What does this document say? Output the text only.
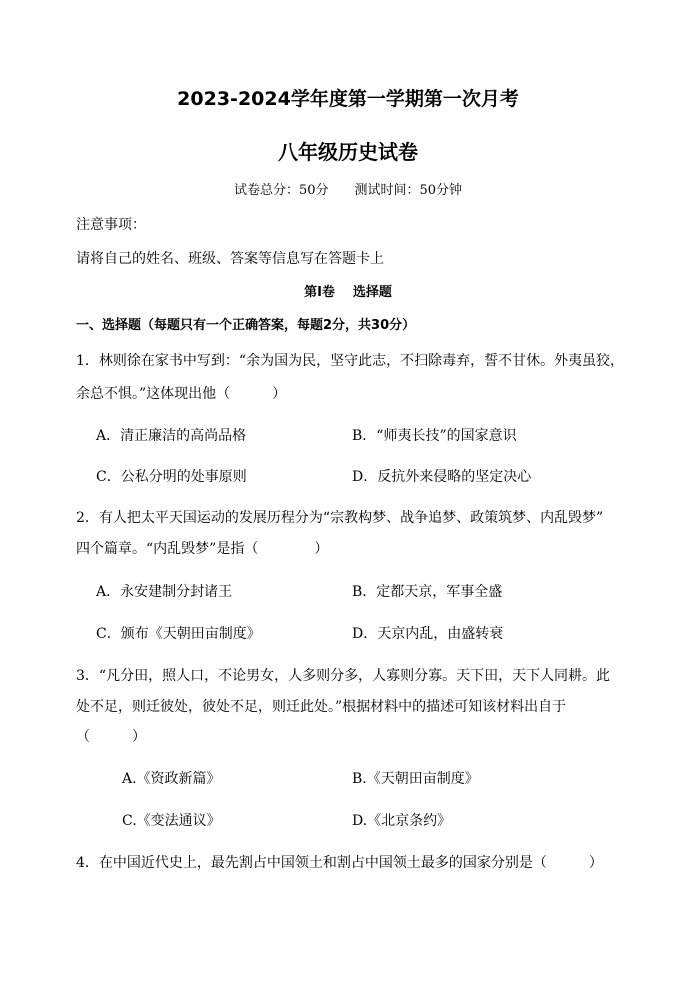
2023-2024学年度第一学期第一次月考
八年级历史试卷
试卷总分：50分 测试时间：50分钟
注意事项：
请将自己的姓名、班级、答案等信息写在答题卡上
第Ⅰ卷 选择题
一、选择题（每题只有一个正确答案，每题2分，共30分）
1．林则徐在家书中写到：“余为国为民，坚守此志，不扫除毒弃，誓不甘休。外夷虽狡，
余总不惧。”这体现出他（　　　）
A．清正廉洁的高尚品格	B．“师夷长技”的国家意识
C．公私分明的处事原则	D．反抗外来侵略的坚定决心
2．有人把太平天国运动的发展历程分为“宗教构梦、战争追梦、政策筑梦、内乱毁梦”
四个篇章。“内乱毁梦”是指（　　　　）
A．永安建制分封诸王	B．定都天京，军事全盛
C．颁布《天朝田亩制度》	D．天京内乱，由盛转衰
3．“凡分田，照人口，不论男女，人多则分多，人寡则分寡。天下田，天下人同耕。此
处不足，则迁彼处，彼处不足，则迁此处。”根据材料中的描述可知该材料出自于
（　　　）
A.《资政新篇》	B.《天朝田亩制度》
C.《变法通议》	D.《北京条约》
4．在中国近代史上，最先割占中国领土和割占中国领土最多的国家分别是（　　　）
